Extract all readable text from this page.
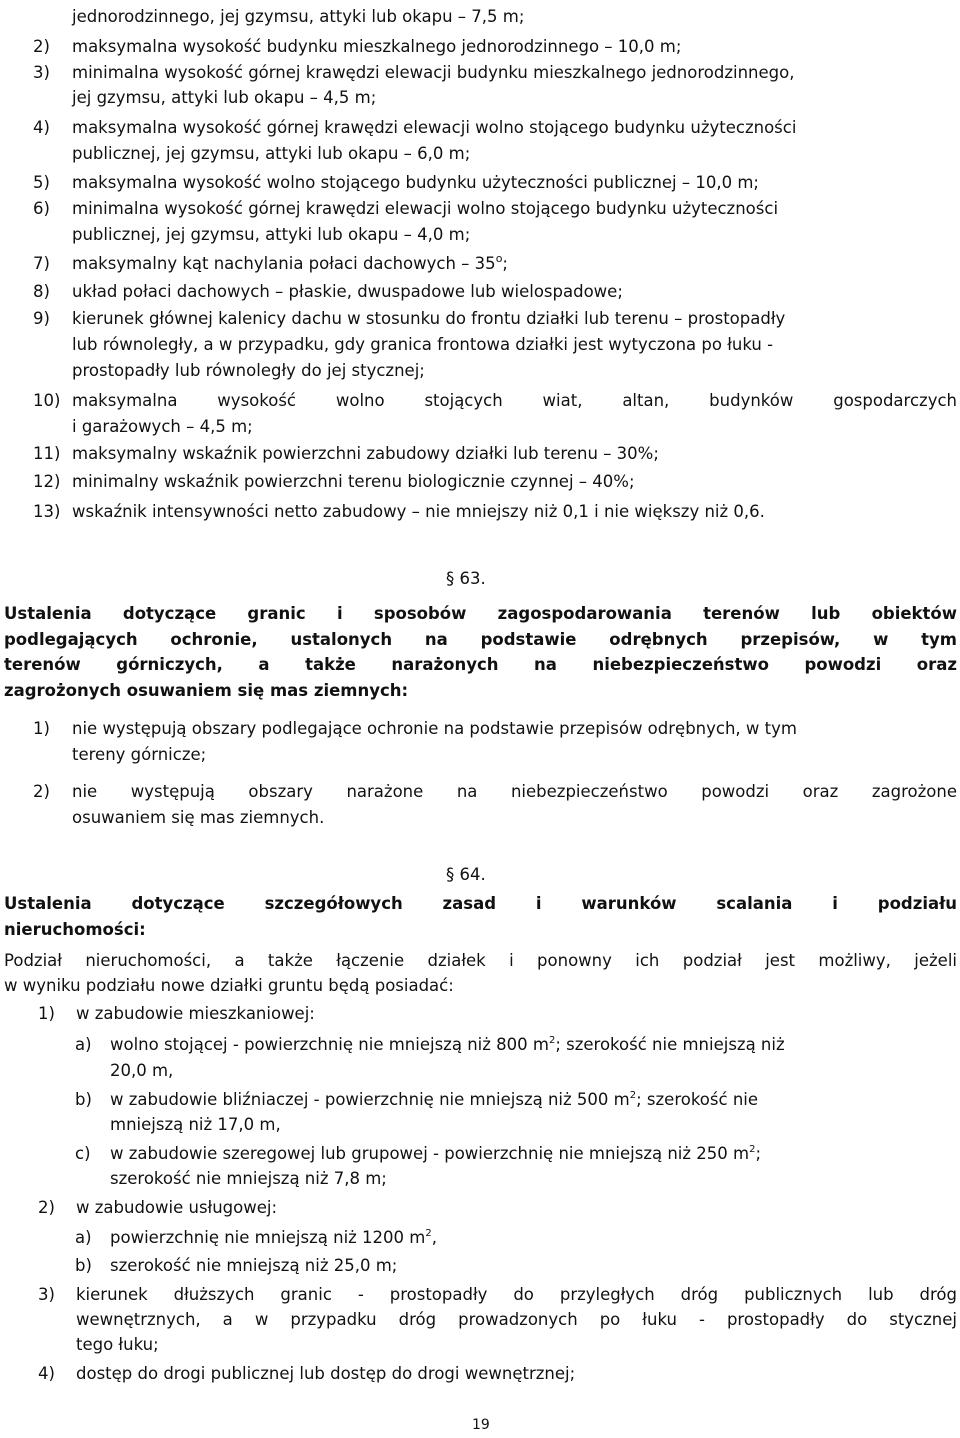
jednorodzinnego, jej gzymsu, attyki lub okapu – 7,5 m;
2) maksymalna wysokość budynku mieszkalnego jednorodzinnego – 10,0 m;
3) minimalna wysokość górnej krawędzi elewacji budynku mieszkalnego jednorodzinnego,
jej gzymsu, attyki lub okapu – 4,5 m;
4) maksymalna wysokość górnej krawędzi elewacji wolno stojącego budynku użyteczności
publicznej, jej gzymsu, attyki lub okapu – 6,0 m;
5) maksymalna wysokość wolno stojącego budynku użyteczności publicznej – 10,0 m;
6) minimalna wysokość górnej krawędzi elewacji wolno stojącego budynku użyteczności
publicznej, jej gzymsu, attyki lub okapu – 4,0 m;
7) maksymalny kąt nachylania połaci dachowych – 35$^o$;
8) układ połaci dachowych – płaskie, dwuspadowe lub wielospadowe;
9) kierunek głównej kalenicy dachu w stosunku do frontu działki lub terenu – prostopadły
lub równoległy, a w przypadku, gdy granica frontowa działki jest wytyczona po łuku -
prostopadły lub równoległy do jej stycznej;
10) maksymalna wysokość wolno stojących wiat, altan, budynków gospodarczych
i garażowych – 4,5 m;
11) maksymalny wskaźnik powierzchni zabudowy działki lub terenu – 30%;
12) minimalny wskaźnik powierzchni terenu biologicznie czynnej – 40%;
13) wskaźnik intensywności netto zabudowy – nie mniejszy niż 0,1 i nie większy niż 0,6.
§ 63.
Ustalenia dotyczące granic i sposobów zagospodarowania terenów lub obiektów
podlegających ochronie, ustalonych na podstawie odrębnych przepisów, w tym
terenów górniczych, a także narażonych na niebezpieczeństwo powodzi oraz
zagrożonych osuwaniem się mas ziemnych:
1) nie występują obszary podlegające ochronie na podstawie przepisów odrębnych, w tym
tereny górnicze;
2) nie występują obszary narażone na niebezpieczeństwo powodzi oraz zagrożone
osuwaniem się mas ziemnych.
§ 64.
Ustalenia dotyczące szczegółowych zasad i warunków scalania i podziału
nieruchomości:
Podział nieruchomości, a także łączenie działek i ponowny ich podział jest możliwy, jeżeli
w wyniku podziału nowe działki gruntu będą posiadać:
1) w zabudowie mieszkaniowej:
a) wolno stojącej - powierzchnię nie mniejszą niż 800 $m^2$; szerokość nie mniejszą niż
20,0 m,
b) w zabudowie bliźniaczej - powierzchnię nie mniejszą niż 500 $m^2$; szerokość nie
mniejszą niż 17,0 m,
c) w zabudowie szeregowej lub grupowej - powierzchnię nie mniejszą niż 250 $m^2$;
szerokość nie mniejszą niż 7,8 m;
2) w zabudowie usługowej:
a) powierzchnię nie mniejszą niż 1200 $m^2$,
b) szerokość nie mniejszą niż 25,0 m;
3) kierunek dłuższych granic - prostopadły do przyległych dróg publicznych lub dróg
wewnętrznych, a w przypadku dróg prowadzonych po łuku - prostopadły do stycznej
tego łuku;
4) dostęp do drogi publicznej lub dostęp do drogi wewnętrznej;
19
